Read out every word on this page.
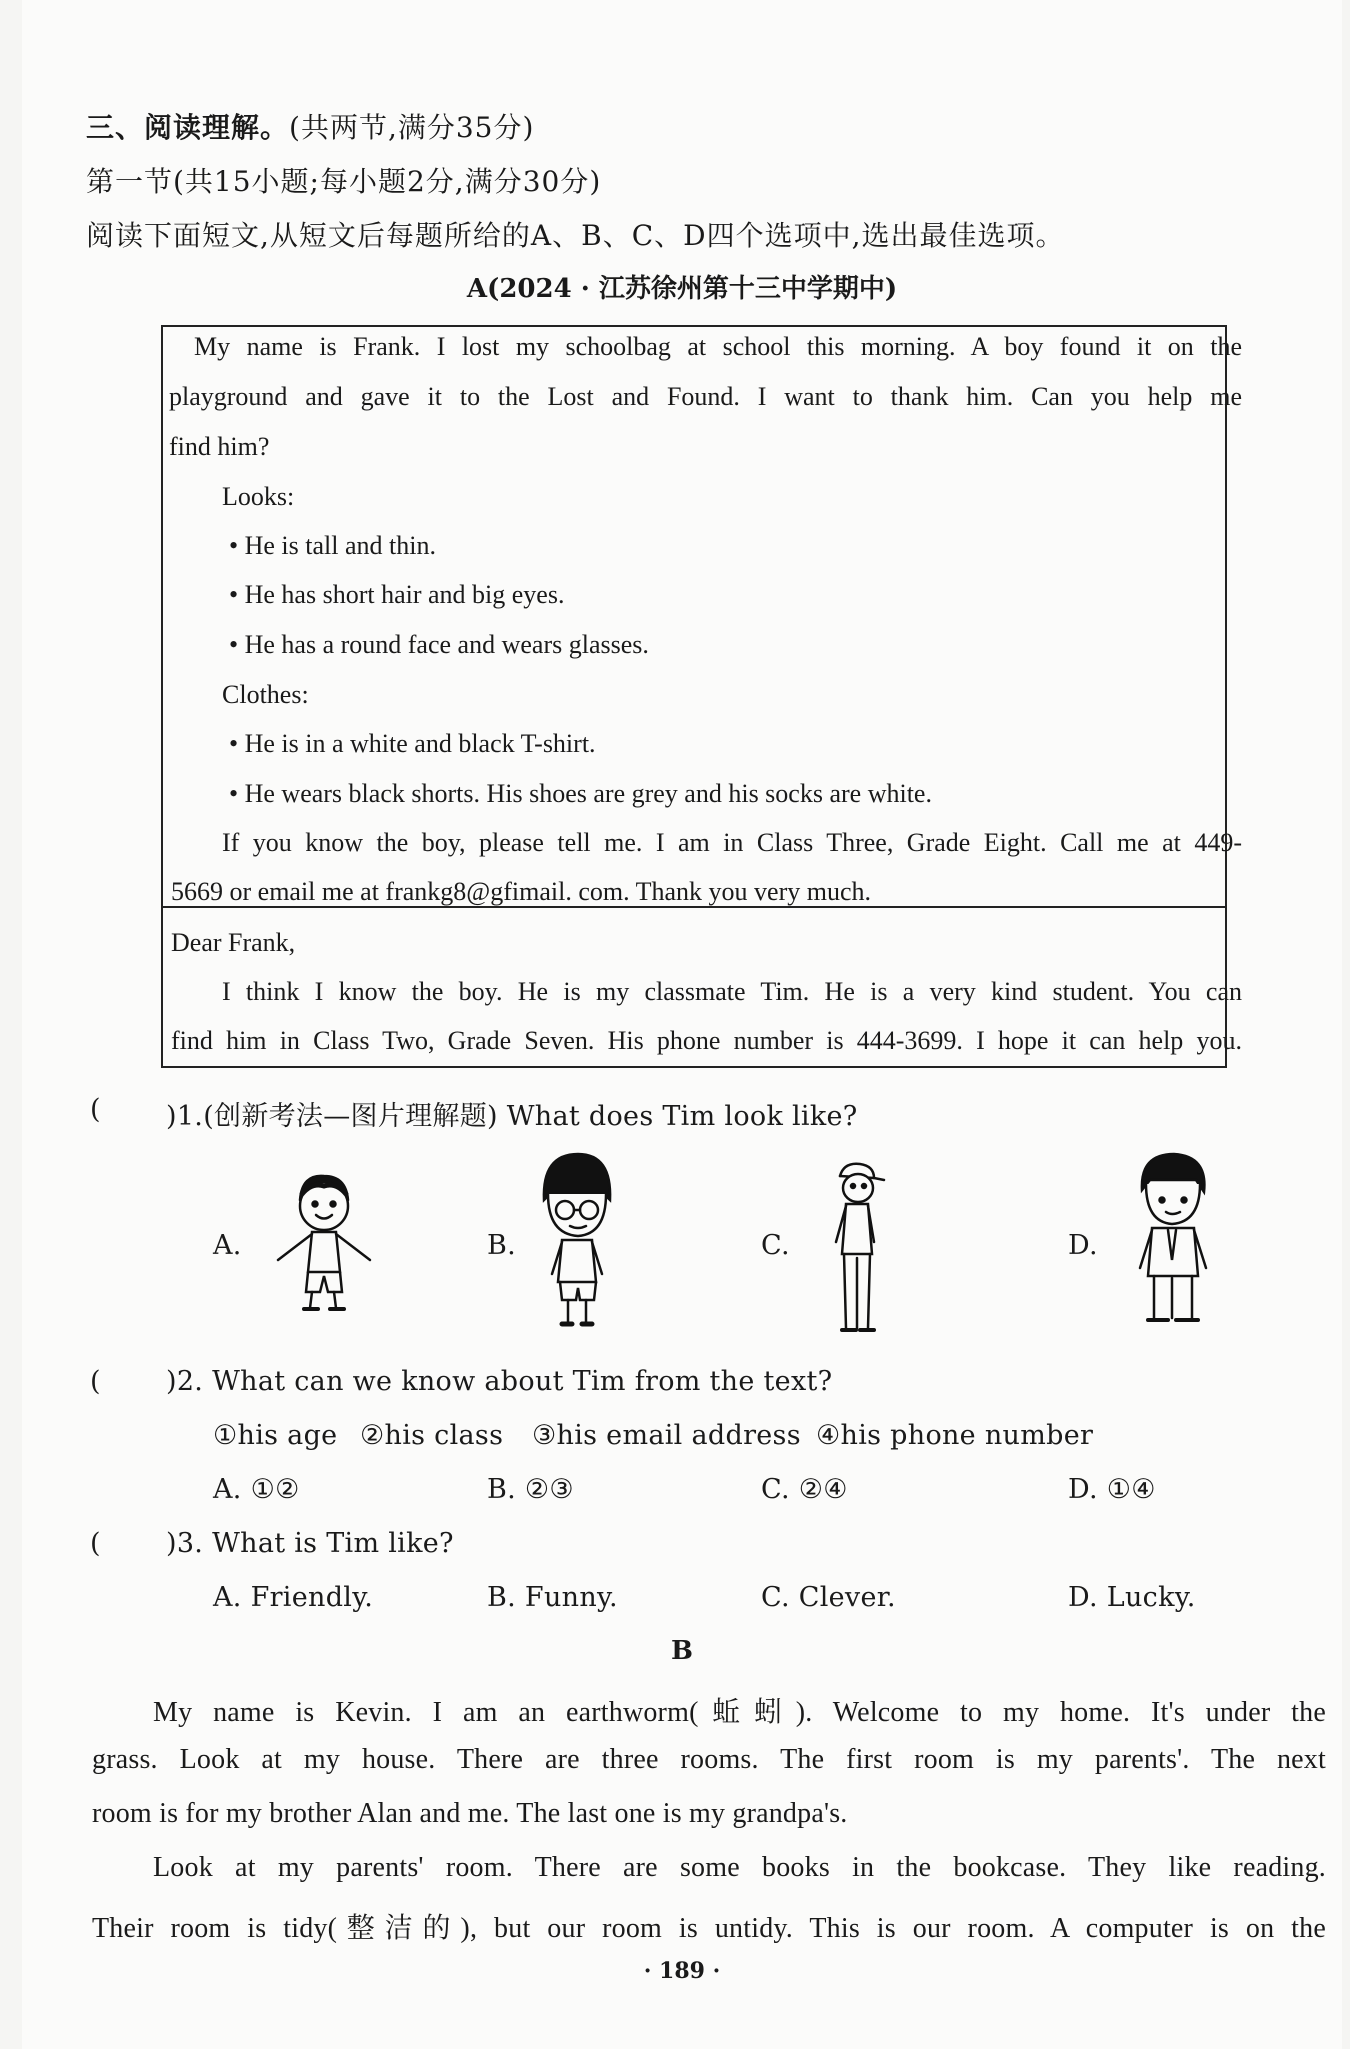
三、阅读理解。(共两节,满分35分)
第一节(共15小题;每小题2分,满分30分)
阅读下面短文,从短文后每题所给的A、B、C、D四个选项中,选出最佳选项。
A(2024 · 江苏徐州第十三中学期中)
My name is Frank. I lost my schoolbag at school this morning. A boy found it on the
playground and gave it to the Lost and Found. I want to thank him. Can you help me
find him?
Looks:
• He is tall and thin.
• He has short hair and big eyes.
• He has a round face and wears glasses.
Clothes:
• He is in a white and black T-shirt.
• He wears black shorts. His shoes are grey and his socks are white.
If you know the boy, please tell me. I am in Class Three, Grade Eight. Call me at 449-
5669 or email me at frankg8@gfimail. com. Thank you very much.
Dear Frank,
I think I know the boy. He is my classmate Tim. He is a very kind student. You can
find him in Class Two, Grade Seven. His phone number is 444-3699. I hope it can help you.
( )1.(创新考法—图片理解题) What does Tim look like?
A.	B.	C.	D.
( )2. What can we know about Tim from the text?
①his age ②his class ③his email address ④his phone number
A. ①②	B. ②③	C. ②④	D. ①④
( )3. What is Tim like?
A. Friendly.	B. Funny.	C. Clever.	D. Lucky.
B
My name is Kevin. I am an earthworm(蚯蚓). Welcome to my home. It's under the
grass. Look at my house. There are three rooms. The first room is my parents'. The next
room is for my brother Alan and me. The last one is my grandpa's.
Look at my parents' room. There are some books in the bookcase. They like reading.
Their room is tidy(整洁的), but our room is untidy. This is our room. A computer is on the
· 189 ·
